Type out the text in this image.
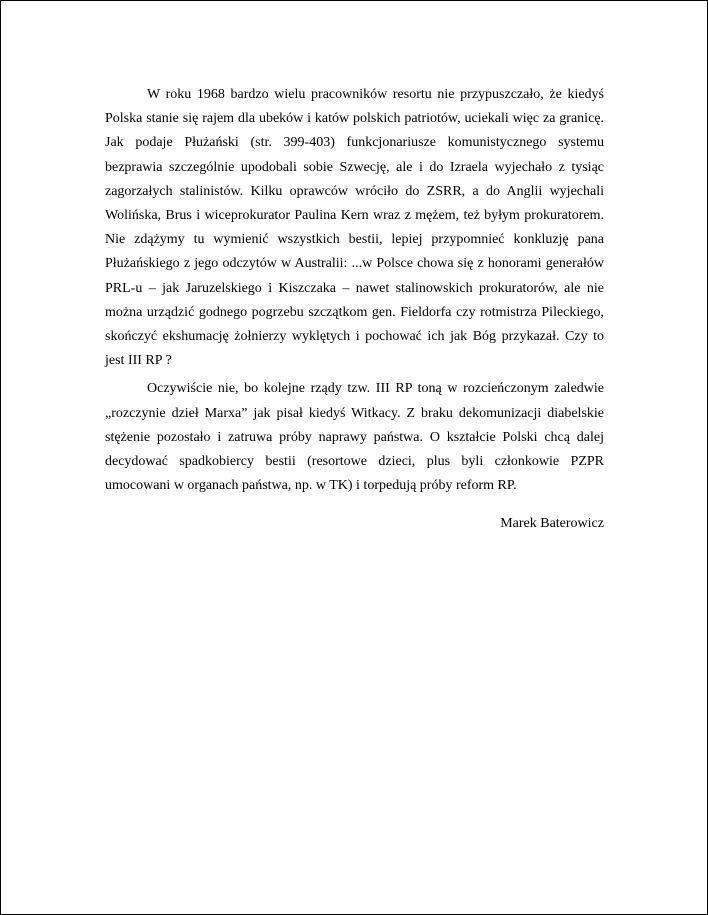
W roku 1968 bardzo wielu pracowników resortu nie przypuszczało, że kiedyś Polska stanie się rajem dla ubeków i katów polskich patriotów, uciekali więc za granicę. Jak podaje Płużański (str. 399-403) funkcjonariusze komunistycznego systemu bezprawia szczególnie upodobali sobie Szwecję, ale i do Izraela wyjechało z tysiąc zagorzałych stalinistów. Kilku oprawców wróciło do ZSRR, a do Anglii wyjechali Wolińska, Brus i wiceprokurator Paulina Kern wraz z mężem, też byłym prokuratorem. Nie zdążymy tu wymienić wszystkich bestii, lepiej przypomnieć konkluzję pana Płużańskiego z jego odczytów w Australii: ...w Polsce chowa się z honorami generałów PRL-u – jak Jaruzelskiego i Kiszczaka – nawet stalinowskich prokuratorów, ale nie można urządzić godnego pogrzebu szczątkom gen. Fieldorfa czy rotmistrza Pileckiego, skończyć ekshumację żołnierzy wyklętych i pochować ich jak Bóg przykazał. Czy to jest III RP ?

Oczywiście nie, bo kolejne rządy tzw. III RP toną w rozcieńczonym zaledwie „rozczynie dzieł Marxa” jak pisał kiedyś Witkacy. Z braku dekomunizacji diabelskie stężenie pozostało i zatruwa próby naprawy państwa. O kształcie Polski chcą dalej decydować spadkobiercy bestii (resortowe dzieci, plus byli członkowie PZPR umocowani w organach państwa, np. w TK) i torpedują próby reform RP.

Marek Baterowicz
